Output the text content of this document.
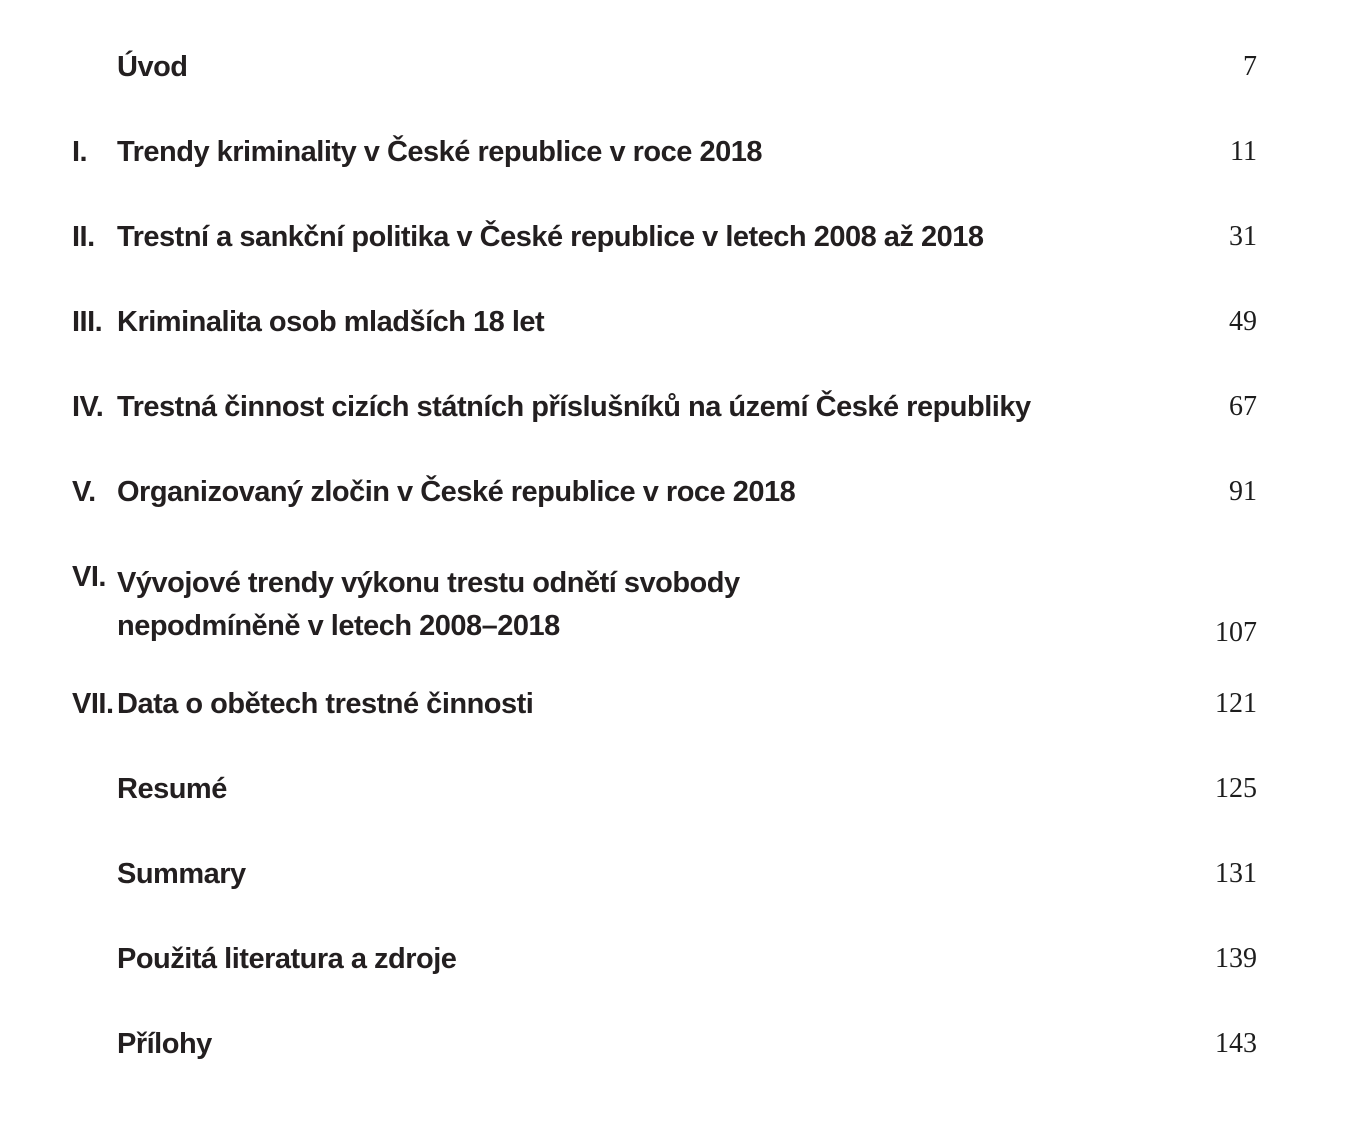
Úvod	7
I.	Trendy kriminality v České republice v roce 2018	11
II. Trestní a sankční politika v České republice v letech 2008 až 2018	31
III. Kriminalita osob mladších 18 let	49
IV. Trestná činnost cizích státních příslušníků na území České republiky	67
V. Organizovaný zločin v České republice v roce 2018	91
VI. Vývojové trendy výkonu trestu odnětí svobody
nepodmíněně v letech 2008–2018	107
VII. Data o obětech trestné činnosti	121
Resumé	125
Summary	131
Použitá literatura a zdroje	139
Přílohy	143
